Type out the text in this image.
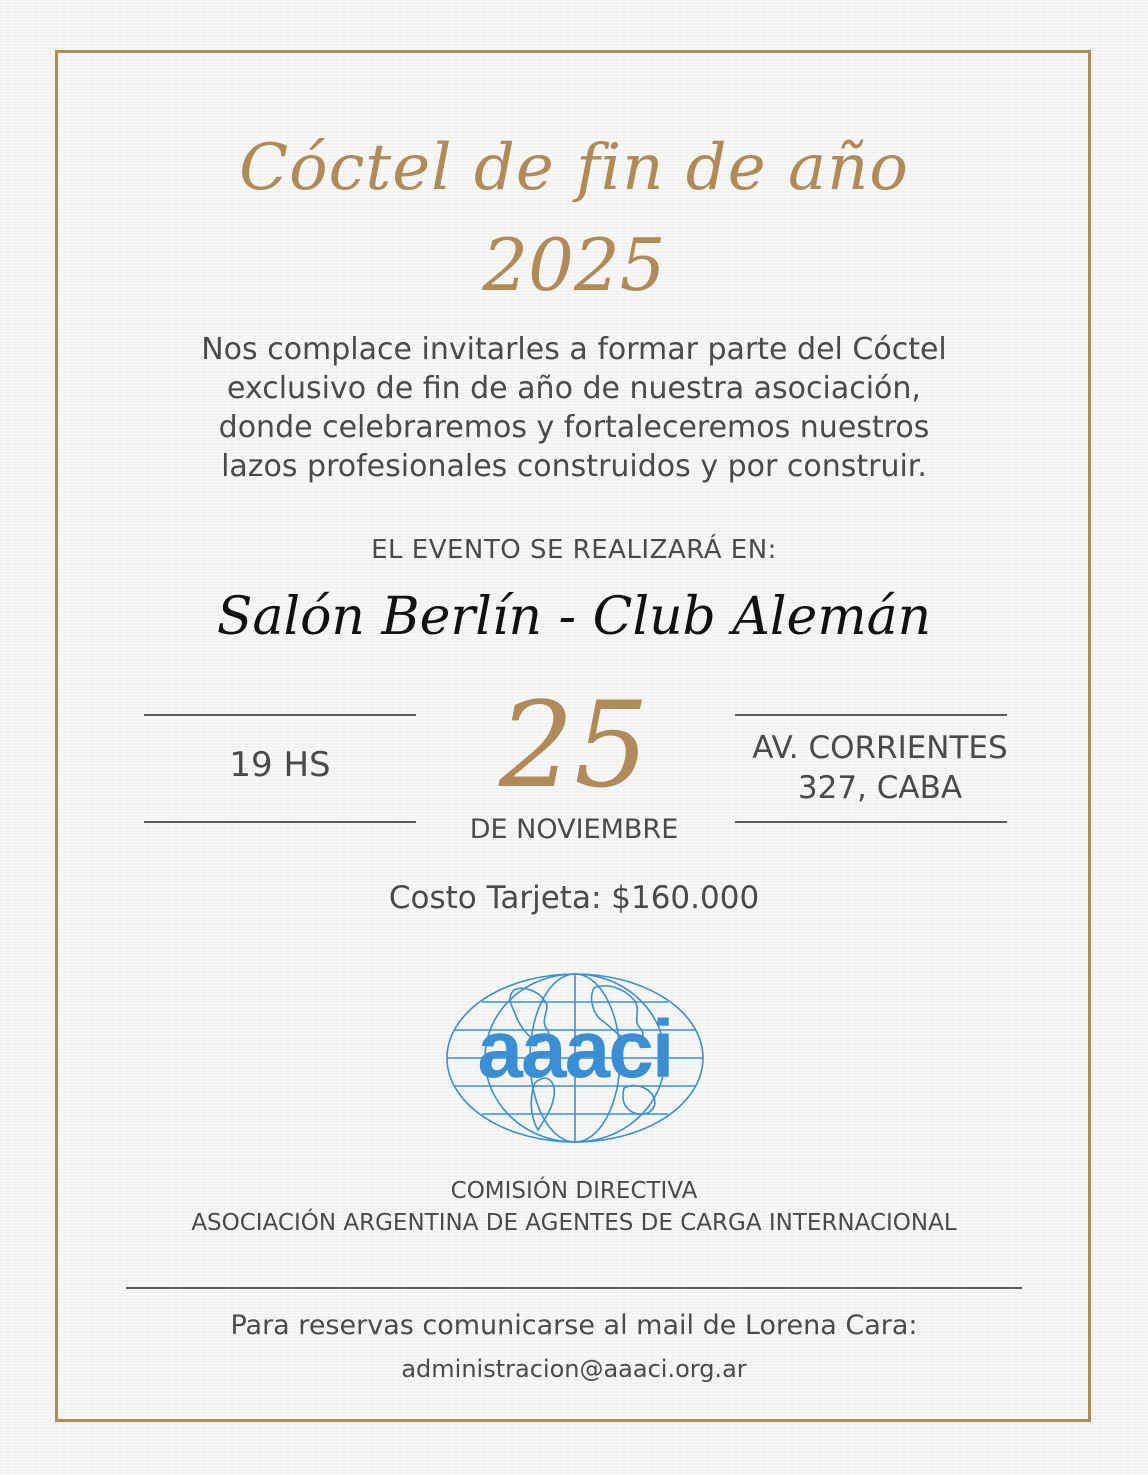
Cóctel de fin de año
2025
Nos complace invitarles a formar parte del Cóctel
exclusivo de fin de año de nuestra asociación,
donde celebraremos y fortaleceremos nuestros
lazos profesionales construidos y por construir.
EL EVENTO SE REALIZARÁ EN:
Salón Berlín - Club Alemán
19 HS	25
DE NOVIEMBRE
AV. CORRIENTES
327, CABA
Costo Tarjeta: $160.000
aaaci
COMISIÓN DIRECTIVA
ASOCIACIÓN ARGENTINA DE AGENTES DE CARGA INTERNACIONAL
Para reservas comunicarse al mail de Lorena Cara:
administracion@aaaci.org.ar
